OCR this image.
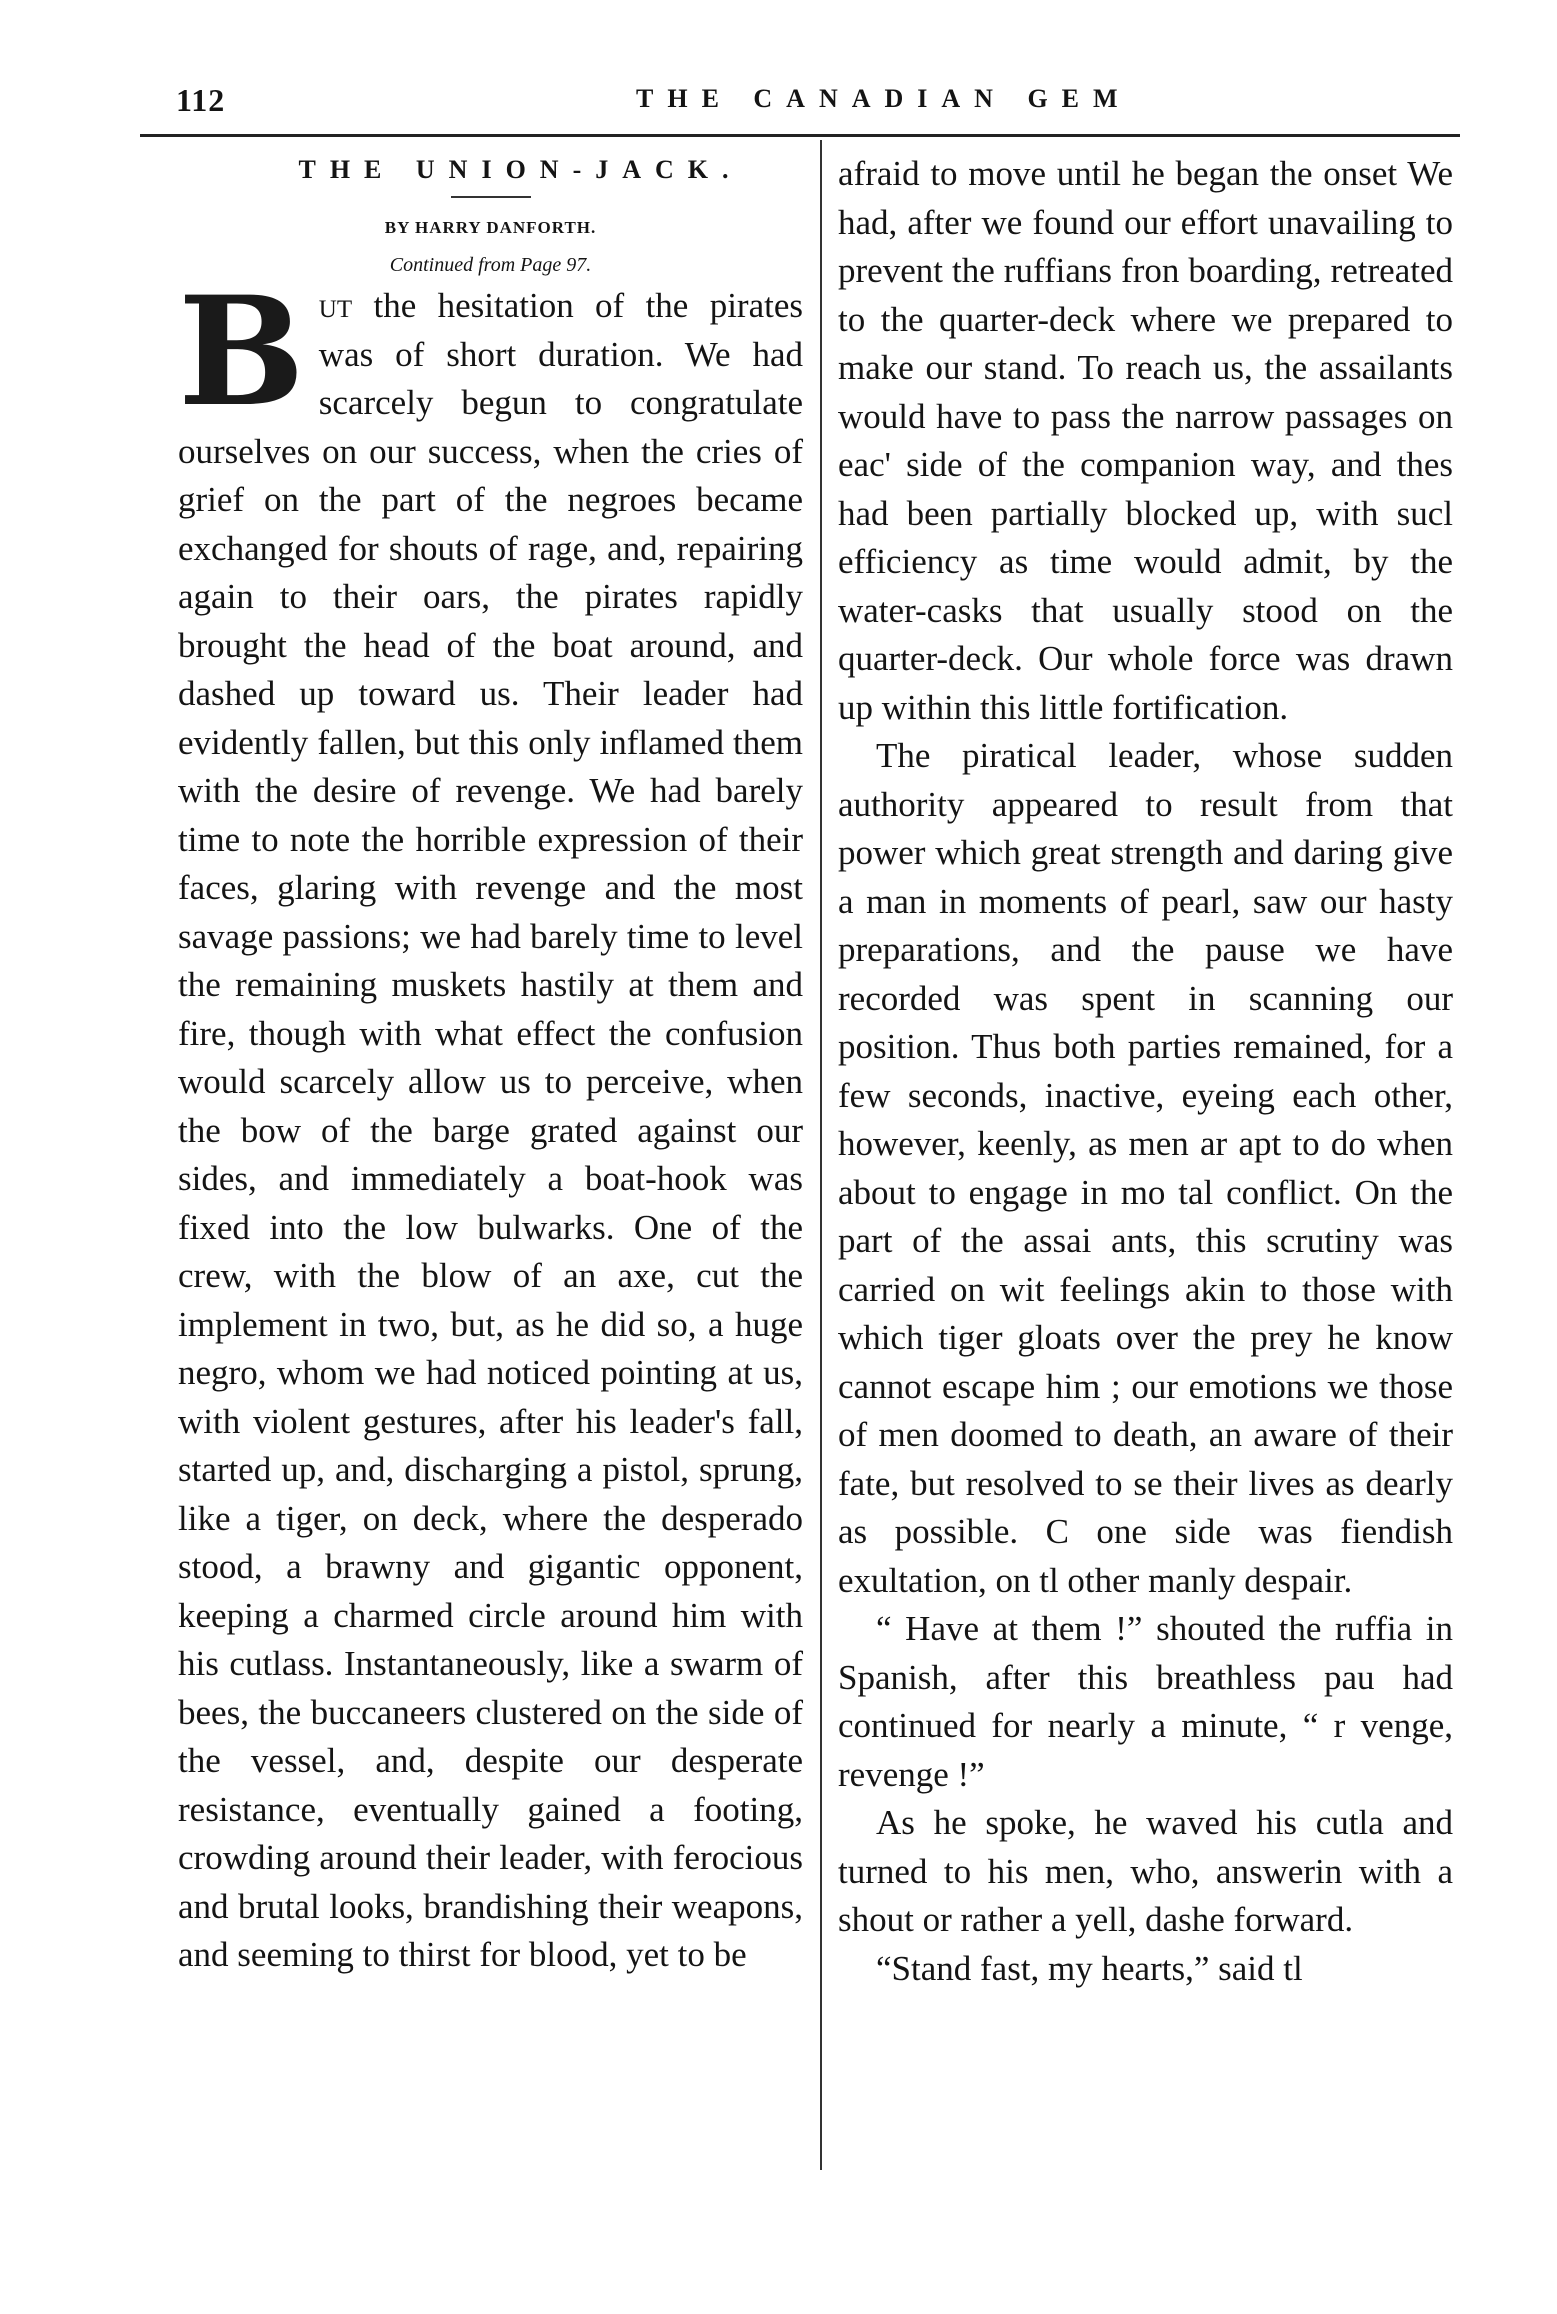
112	THE CANADIAN GEM
THE UNION-JACK.
BY HARRY DANFORTH.
Continued from Page 97.

But the hesitation of the pirates was of short duration. We had scarcely begun to congratulate ourselves on our success, when the cries of grief on the part of the negroes became exchanged for shouts of rage, and, repairing again to their oars, the pirates rapidly brought the head of the boat around, and dashed up toward us. Their leader had evidently fallen, but this only inflamed them with the desire of revenge. We had barely time to note the horrible expression of their faces, glaring with revenge and the most savage passions; we had barely time to level the remaining muskets hastily at them and fire, though with what effect the confusion would scarcely allow us to perceive, when the bow of the barge grated against our sides, and immediately a boat-hook was fixed into the low bulwarks. One of the crew, with the blow of an axe, cut the implement in two, but, as he did so, a huge negro, whom we had noticed pointing at us, with violent gestures, after his leader's fall, started up, and, discharging a pistol, sprung, like a tiger, on deck, where the desperado stood, a brawny and gigantic opponent, keeping a charmed circle around him with his cutlass. Instantaneously, like a swarm of bees, the buccaneers clustered on the side of the vessel, and, despite our desperate resistance, eventually gained a footing, crowding around their leader, with ferocious and brutal looks, brandishing their weapons, and seeming to thirst for blood, yet to be

afraid to move until he began the onset We had, after we found our effort unavailing to prevent the ruffians fron boarding, retreated to the quarter-deck where we prepared to make our stand. To reach us, the assailants would have to pass the narrow passages on eac' side of the companion way, and thes had been partially blocked up, with sucl efficiency as time would admit, by the water-casks that usually stood on the quarter-deck. Our whole force was drawn up within this little fortification.

The piratical leader, whose sudden authority appeared to result from that power which great strength and daring give a man in moments of pearl, saw our hasty preparations, and the pause we have recorded was spent in scanning our position. Thus both parties remained, for a few seconds, inactive, eyeing each other, however, keenly, as men ar apt to do when about to engage in mo tal conflict. On the part of the assai ants, this scrutiny was carried on wit feelings akin to those with which tiger gloats over the prey he know cannot escape him ; our emotions we those of men doomed to death, an aware of their fate, but resolved to se their lives as dearly as possible. C one side was fiendish exultation, on tl other manly despair.

“ Have at them !” shouted the ruffia in Spanish, after this breathless pau had continued for nearly a minute, “ r venge, revenge !”

As he spoke, he waved his cutla and turned to his men, who, answerin with a shout or rather a yell, dashe forward.

“Stand fast, my hearts,” said tl
